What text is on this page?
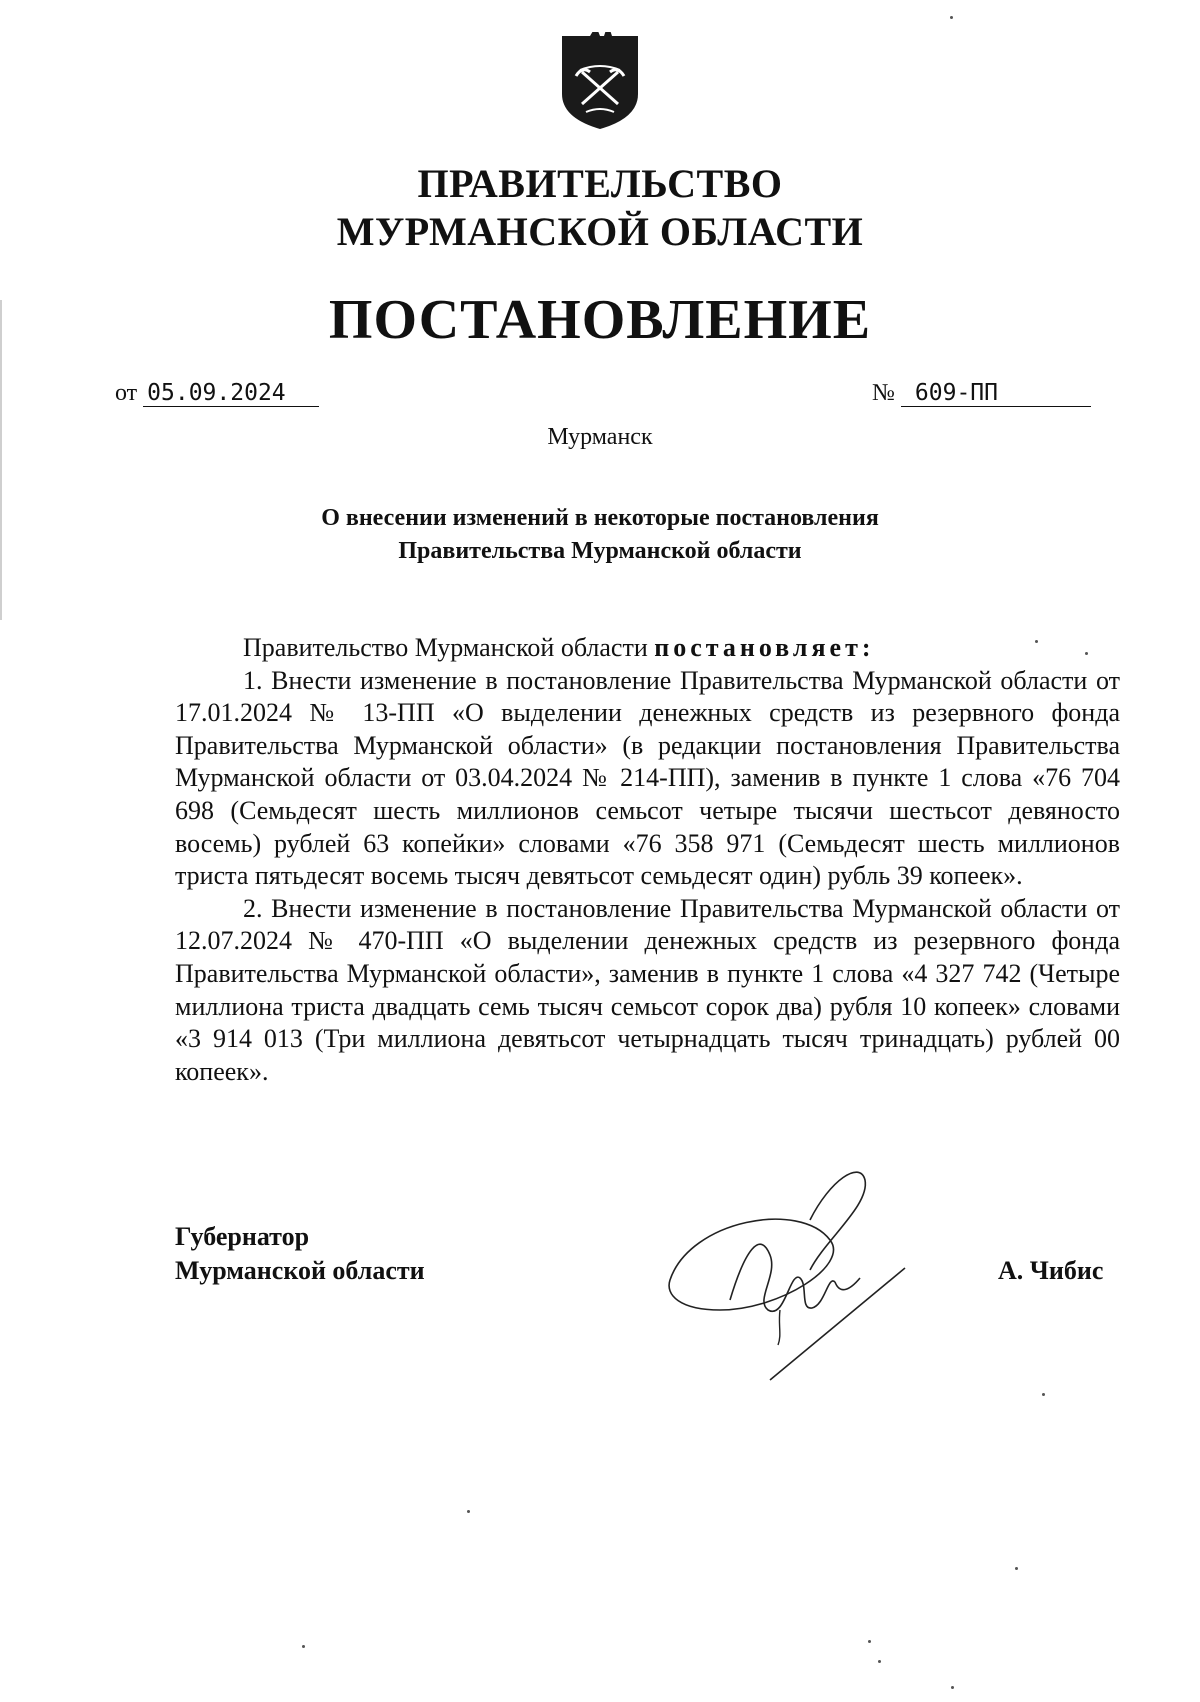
ПРАВИТЕЛЬСТВО
МУРМАНСКОЙ ОБЛАСТИ
ПОСТАНОВЛЕНИЕ
от 05.09.2024	№ 609-ПП
Мурманск
О внесении изменений в некоторые постановления
Правительства Мурманской области

Правительство Мурманской области постановляет:

1. Внести изменение в постановление Правительства Мурманской области от 17.01.2024 № 13-ПП «О выделении денежных средств из резервного фонда Правительства Мурманской области» (в редакции постановления Правительства Мурманской области от 03.04.2024 № 214-ПП), заменив в пункте 1 слова «76 704 698 (Семьдесят шесть миллионов семьсот четыре тысячи шестьсот девяносто восемь) рублей 63 копейки» словами «76 358 971 (Семьдесят шесть миллионов триста пятьдесят восемь тысяч девятьсот семьдесят один) рубль 39 копеек».

2. Внести изменение в постановление Правительства Мурманской области от 12.07.2024 № 470-ПП «О выделении денежных средств из резервного фонда Правительства Мурманской области», заменив в пункте 1 слова «4 327 742 (Четыре миллиона триста двадцать семь тысяч семьсот сорок два) рубля 10 копеек» словами «3 914 013 (Три миллиона девятьсот четырнадцать тысяч тринадцать) рублей 00 копеек».

Губернатор
Мурманской области	А. Чибис
